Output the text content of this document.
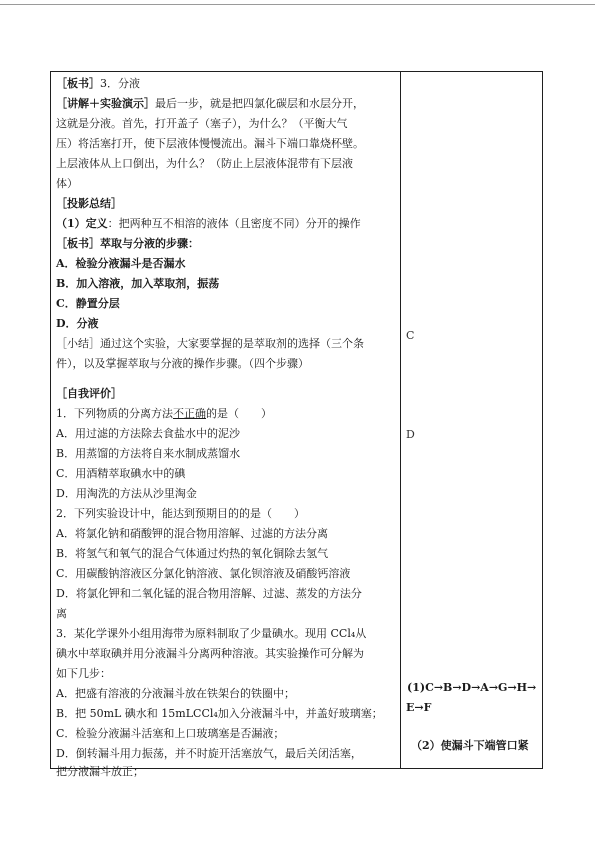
［板书］3．分液
［讲解＋实验演示］最后一步，就是把四氯化碳层和水层分开，
这就是分液。首先，打开盖子（塞子），为什么？（平衡大气
压）将活塞打开，使下层液体慢慢流出。漏斗下端口靠烧杯壁。
上层液体从上口倒出，为什么？（防止上层液体混带有下层液
体）
［投影总结］
（1）定义：把两种互不相溶的液体（且密度不同）分开的操作
［板书］萃取与分液的步骤：
A．检验分液漏斗是否漏水
B．加入溶液，加入萃取剂，振荡
C．静置分层
D．分液
［小结］通过这个实验，大家要掌握的是萃取剂的选择（三个条
件），以及掌握萃取与分液的操作步骤。（四个步骤）
［自我评价］
1．下列物质的分离方法不正确的是（　　）
A．用过滤的方法除去食盐水中的泥沙
B．用蒸馏的方法将自来水制成蒸馏水
C．用酒精萃取碘水中的碘
D．用淘洗的方法从沙里淘金
2．下列实验设计中，能达到预期目的的是（　　）
A．将氯化钠和硝酸钾的混合物用溶解、过滤的方法分离
B．将氢气和氧气的混合气体通过灼热的氧化铜除去氢气
C．用碳酸钠溶液区分氯化钠溶液、氯化钡溶液及硝酸钙溶液
D．将氯化钾和二氧化锰的混合物用溶解、过滤、蒸发的方法分
离
3．某化学课外小组用海带为原料制取了少量碘水。现用 CCl₄从
碘水中萃取碘并用分液漏斗分离两种溶液。其实验操作可分解为
如下几步：
A．把盛有溶液的分液漏斗放在铁架台的铁圈中；
B．把 50mL 碘水和 15mLCCl₄加入分液漏斗中，并盖好玻璃塞；
C．检验分液漏斗活塞和上口玻璃塞是否漏液；
D．倒转漏斗用力振荡，并不时旋开活塞放气，最后关闭活塞，
把分液漏斗放正；
C
D
(1)C→B→D→A→G→H→
E→F
（2）使漏斗下端管口紧
